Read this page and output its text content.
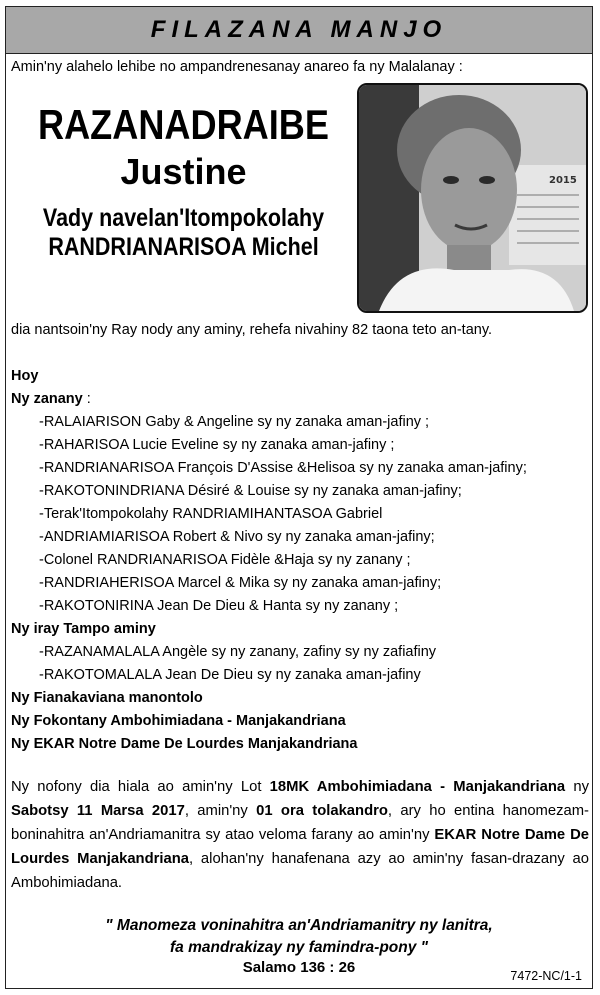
FILAZANA MANJO
Amin'ny alahelo lehibe no ampandrenesanay anareo fa ny Malalanay :
RAZANADRAIBE
Justine
Vady navelan'Itompokolahy
RANDRIANARISOA Michel
2015
dia nantsoin'ny Ray nody any aminy, rehefa nivahiny 82 taona teto an-tany.
Hoy
Ny zanany :
-RALAIARISON Gaby & Angeline sy ny zanaka aman-jafiny ;
-RAHARISOA Lucie Eveline sy ny zanaka aman-jafiny ;
-RANDRIANARISOA François D'Assise &Helisoa sy ny zanaka aman-jafiny;
-RAKOTONINDRIANA Désiré & Louise sy ny zanaka aman-jafiny;
-Terak'Itompokolahy RANDRIAMIHANTASOA Gabriel
-ANDRIAMIARISOA Robert & Nivo sy ny zanaka aman-jafiny;
-Colonel RANDRIANARISOA Fidèle &Haja sy ny zanany ;
-RANDRIAHERISOA Marcel & Mika sy ny zanaka aman-jafiny;
-RAKOTONIRINA Jean De Dieu & Hanta sy ny zanany ;
Ny iray Tampo aminy
-RAZANAMALALA Angèle sy ny zanany, zafiny sy ny zafiafiny
-RAKOTOMALALA Jean De Dieu sy ny zanaka aman-jafiny
Ny Fianakaviana manontolo
Ny Fokontany Ambohimiadana - Manjakandriana
Ny EKAR Notre Dame De Lourdes Manjakandriana
Ny nofony dia hiala ao amin'ny Lot 18MK Ambohimiadana - Manjakandriana ny Sabotsy 11 Marsa 2017, amin'ny 01 ora tolakandro, ary ho entina hanomezam-boninahitra an'Andriamanitra sy atao veloma farany ao amin'ny EKAR Notre Dame De Lourdes Manjakandriana, alohan'ny hanafenana azy ao amin'ny fasan-drazany ao Ambohimiadana.
" Manomeza voninahitra an'Andriamanitry ny lanitra,
fa mandrakizay ny famindra-pony "
Salamo 136 : 26	7472-NC/1-1
